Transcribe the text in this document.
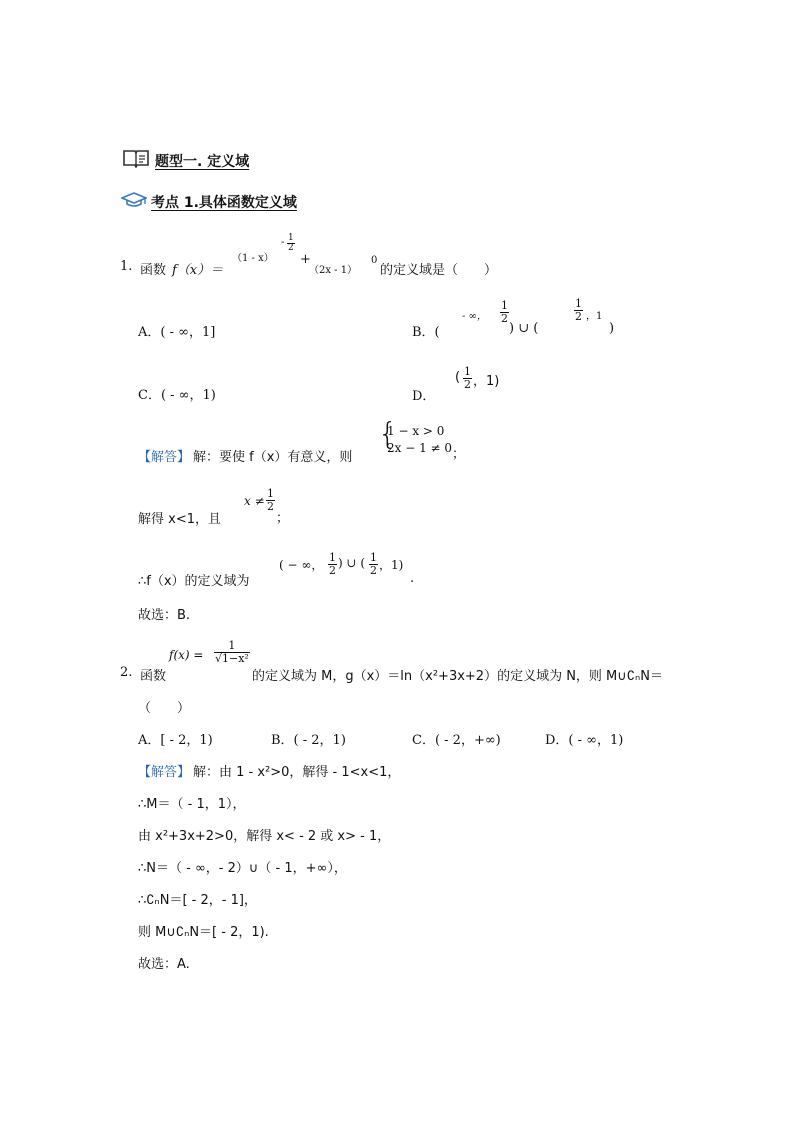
题型一. 定义域
考点 1.具体函数定义域
1. 函数 f（x）＝
（1 - x）
- $\frac{1}{2}$
+
（2x - 1）
0
的定义域是（　　）
A．( - ∞，1]	B．(
- ∞， $\frac{1}{2}$
) ∪ (
$\frac{1}{2}$ ，1
)
C．( - ∞，1)	D．
( $\frac{1}{2}$ ，1)
【解答】 解：要使 f（x）有意义，则
{
1 − x > 0
2x − 1 ≠ 0 ；
解得 x<1，且
$x \ne \frac{1}{2}$
；
∴f（x）的定义域为
( − ∞， $\frac{1}{2}$ ) ∪ ( $\frac{1}{2}$ ，1)
.
故选：B.
2. 函数
$f(x) = \frac{1}{\text{√1−x²}}$
的定义域为 M，g（x）＝ln（x²+3x+2）的定义域为 N，则 M∪∁ₙN＝
（　　）
A．[ - 2，1)	B．( - 2，1)	C．( - 2，+∞)	D．( - ∞，1)
【解答】 解：由 1 - x²>0，解得 - 1<x<1，
∴M＝（ - 1，1），
由 x²+3x+2>0，解得 x< - 2 或 x> - 1，
∴N＝（ - ∞，- 2）∪（ - 1，+∞），
∴∁ₙN＝[ - 2，- 1]，
则 M∪∁ₙN＝[ - 2，1).
故选：A.
